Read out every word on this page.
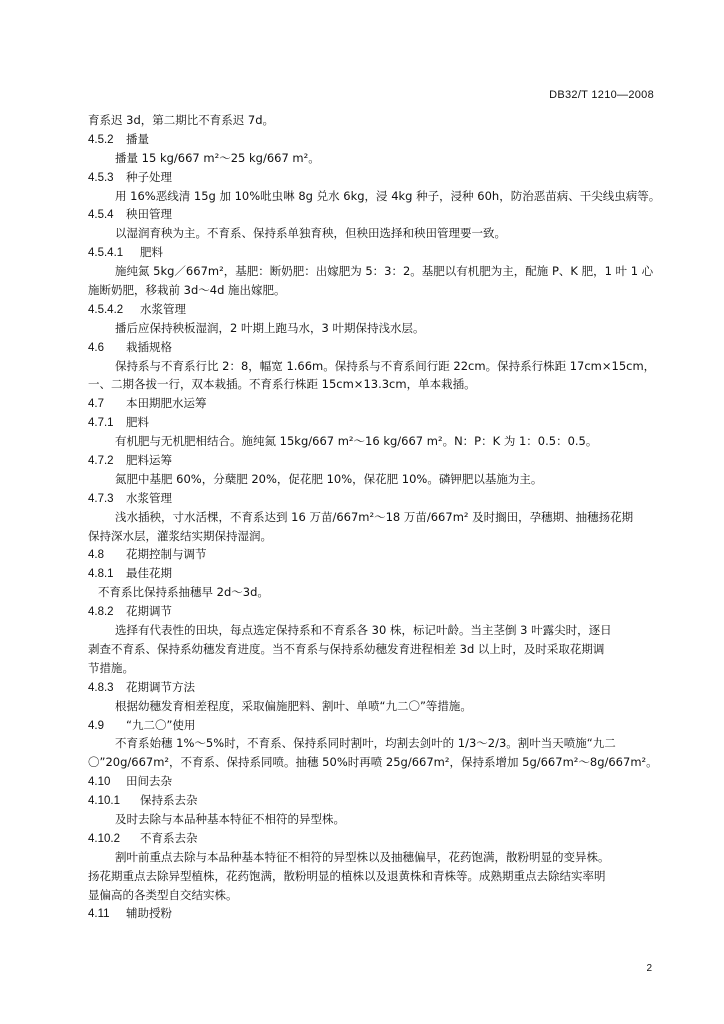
DB32/T 1210—2008
育系迟 3d，第二期比不育系迟 7d。
4.5.2 播量
播量 15 kg/667 m²～25 kg/667 m²。
4.5.3 种子处理
用 16%恶线清 15g 加 10%吡虫啉 8g 兑水 6kg，浸 4kg 种子，浸种 60h，防治恶苗病、干尖线虫病等。
4.5.4 秧田管理
以湿润育秧为主。不育系、保持系单独育秧，但秧田选择和秧田管理要一致。
4.5.4.1 肥料
施纯氮 5kg／667m²，基肥：断奶肥：出嫁肥为 5：3：2。基肥以有机肥为主，配施 P、K 肥，1 叶 1 心
施断奶肥，移栽前 3d～4d 施出嫁肥。
4.5.4.2 水浆管理
播后应保持秧板湿润，2 叶期上跑马水，3 叶期保持浅水层。
4.6 栽插规格
保持系与不育系行比 2：8，幅宽 1.66m。保持系与不育系间行距 22cm。保持系行株距 17cm×15cm，
一、二期各拔一行，双本栽插。不育系行株距 15cm×13.3cm，单本栽插。
4.7 本田期肥水运筹
4.7.1 肥料
有机肥与无机肥相结合。施纯氮 15kg/667 m²～16 kg/667 m²。N：P：K 为 1：0.5：0.5。
4.7.2 肥料运筹
氮肥中基肥 60%，分蘖肥 20%，促花肥 10%，保花肥 10%。磷钾肥以基施为主。
4.7.3 水浆管理
浅水插秧，寸水活棵，不育系达到 16 万苗/667m²～18 万苗/667m² 及时搁田，孕穗期、抽穗扬花期
保持深水层，灌浆结实期保持湿润。
4.8 花期控制与调节
4.8.1 最佳花期
不育系比保持系抽穗早 2d～3d。
4.8.2 花期调节
选择有代表性的田块，每点选定保持系和不育系各 30 株，标记叶龄。当主茎倒 3 叶露尖时，逐日
剥查不育系、保持系幼穗发育进度。当不育系与保持系幼穗发育进程相差 3d 以上时，及时采取花期调
节措施。
4.8.3 花期调节方法
根据幼穗发育相差程度，采取偏施肥料、割叶、单喷“九二〇”等措施。
4.9 “九二〇”使用
不育系始穗 1%～5%时，不育系、保持系同时割叶，均割去剑叶的 1/3～2/3。割叶当天喷施“九二
〇”20g/667m²，不育系、保持系同喷。抽穗 50%时再喷 25g/667m²，保持系增加 5g/667m²～8g/667m²。
4.10 田间去杂
4.10.1 保持系去杂
及时去除与本品种基本特征不相符的异型株。
4.10.2 不育系去杂
割叶前重点去除与本品种基本特征不相符的异型株以及抽穗偏早，花药饱满，散粉明显的变异株。
扬花期重点去除异型植株，花药饱满，散粉明显的植株以及退黄株和青株等。成熟期重点去除结实率明
显偏高的各类型自交结实株。
4.11 辅助授粉
2
